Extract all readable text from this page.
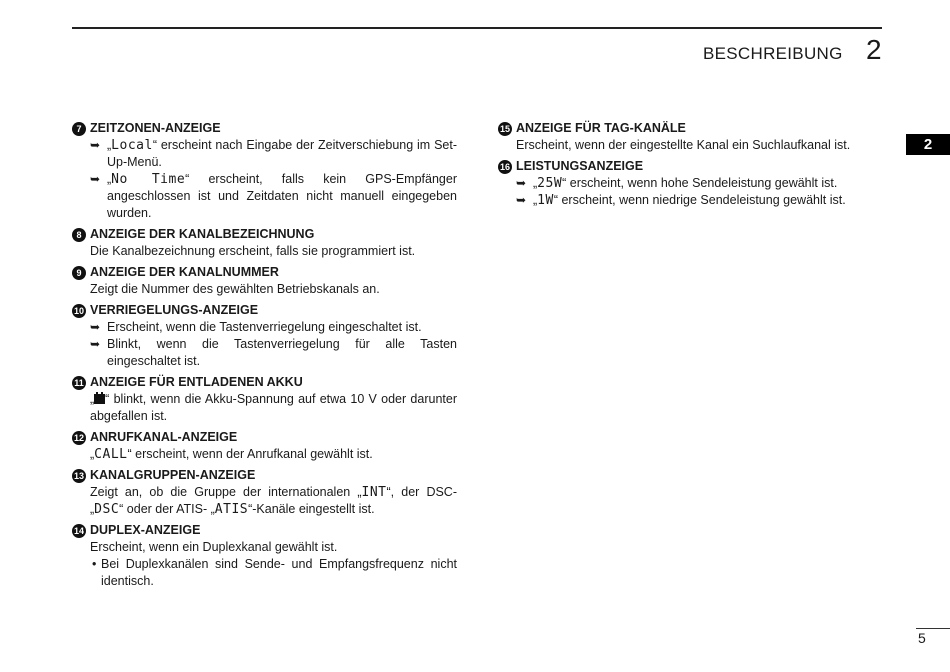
BESCHREIBUNG 2
2
7 ZEITZONEN-ANZEIGE
➥ „Local“ erscheint nach Eingabe der Zeitverschiebung im Set-Up-Menü.
➥ „No Time“ erscheint, falls kein GPS-Empfänger angeschlossen ist und Zeitdaten nicht manuell eingegeben wurden.
8 ANZEIGE DER KANALBEZEICHNUNG
Die Kanalbezeichnung erscheint, falls sie programmiert ist.
9 ANZEIGE DER KANALNUMMER
Zeigt die Nummer des gewählten Betriebskanals an.
10 VERRIEGELUNGS-ANZEIGE
➥ Erscheint, wenn die Tastenverriegelung eingeschaltet ist.
➥ Blinkt, wenn die Tastenverriegelung für alle Tasten eingeschaltet ist.
11 ANZEIGE FÜR ENTLADENEN AKKU
„ “ blinkt, wenn die Akku-Spannung auf etwa 10 V oder darunter abgefallen ist.
12 ANRUFKANAL-ANZEIGE
„CALL“ erscheint, wenn der Anrufkanal gewählt ist.
13 KANALGRUPPEN-ANZEIGE
Zeigt an, ob die Gruppe der internationalen „INT“, der DSC-„DSC“ oder der ATIS- „ATIS“-Kanäle eingestellt ist.
14 DUPLEX-ANZEIGE
Erscheint, wenn ein Duplexkanal gewählt ist.
• Bei Duplexkanälen sind Sende- und Empfangsfrequenz nicht identisch.
15 ANZEIGE FÜR TAG-KANÄLE
Erscheint, wenn der eingestellte Kanal ein Suchlaufkanal ist.
16 LEISTUNGSANZEIGE
➥ „25W“ erscheint, wenn hohe Sendeleistung gewählt ist.
➥ „1W“ erscheint, wenn niedrige Sendeleistung gewählt ist.
5
